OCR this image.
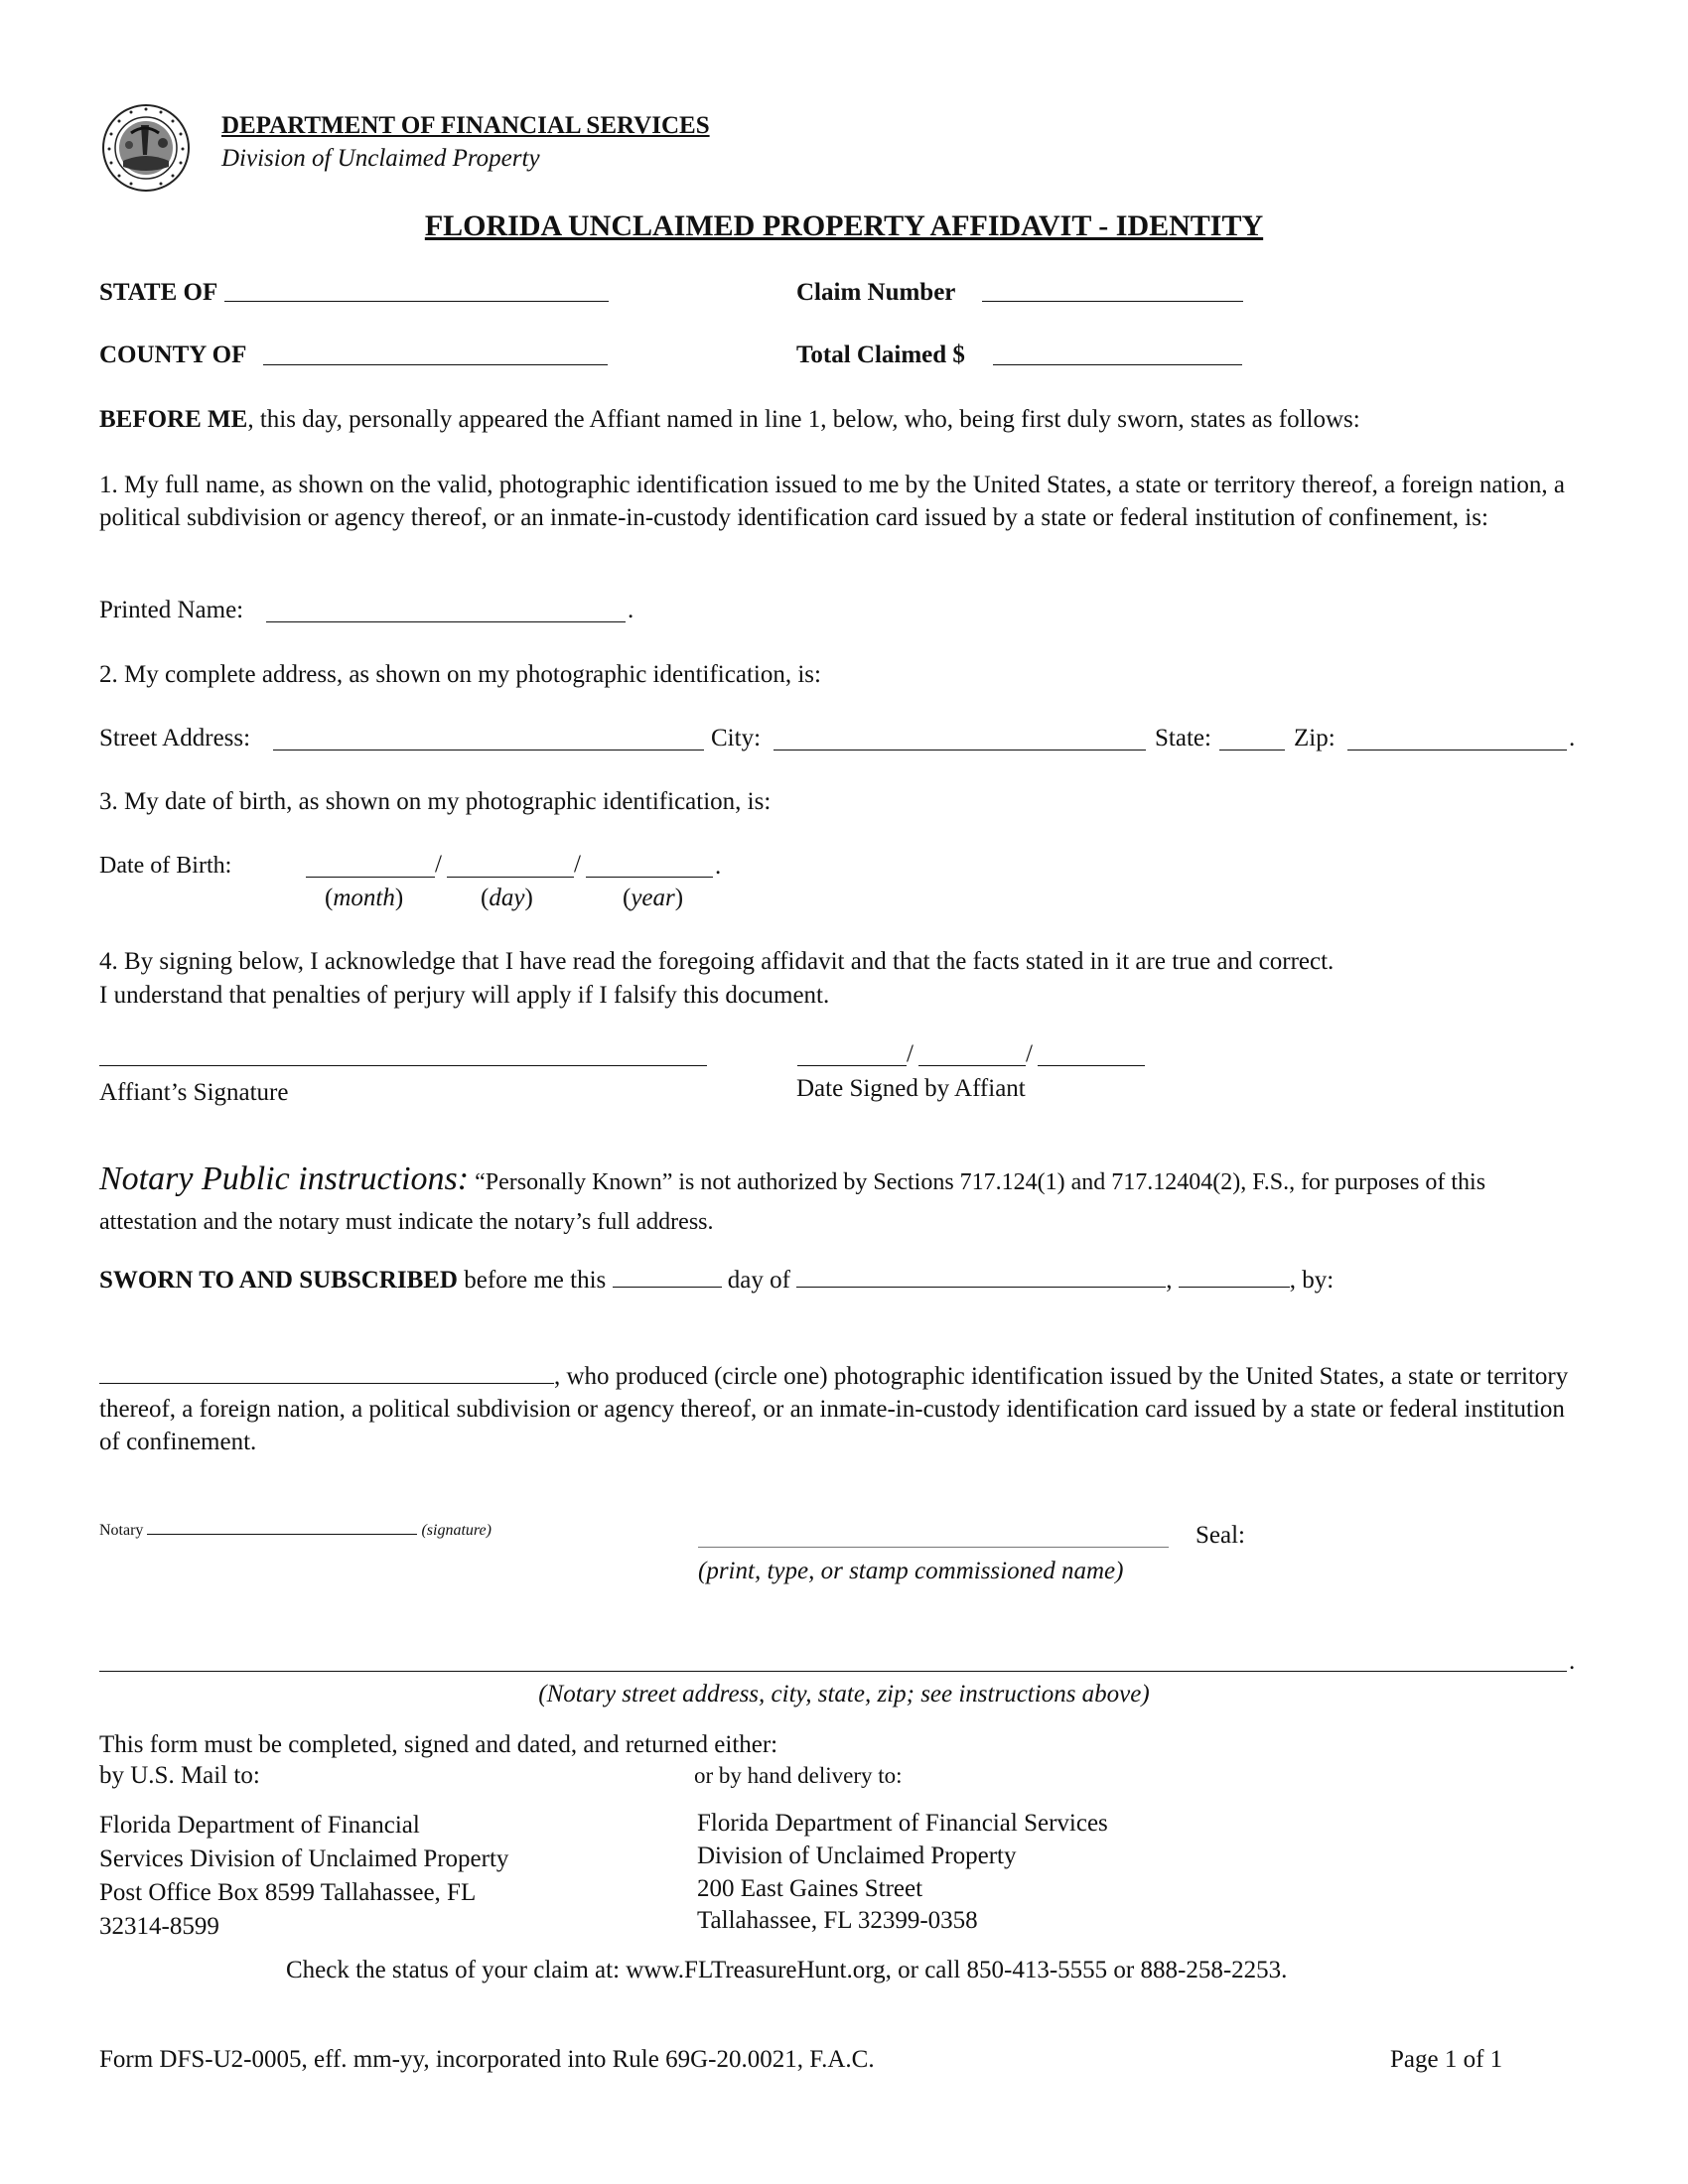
DEPARTMENT OF FINANCIAL SERVICES
Division of Unclaimed Property
FLORIDA UNCLAIMED PROPERTY AFFIDAVIT - IDENTITY
STATE OF	Claim Number
COUNTY OF	Total Claimed $
BEFORE ME, this day, personally appeared the Affiant named in line 1, below, who, being first duly sworn, states as follows:
1. My full name, as shown on the valid, photographic identification issued to me by the United States, a state or territory thereof, a foreign nation, a political subdivision or agency thereof, or an inmate-in-custody identification card issued by a state or federal institution of confinement, is:
Printed Name:	.
2. My complete address, as shown on my photographic identification, is:
Street Address:	City:	State:	Zip:	.
3. My date of birth, as shown on my photographic identification, is:
Date of Birth:	/	/	.
(month)	(day)	(year)
4. By signing below, I acknowledge that I have read the foregoing affidavit and that the facts stated in it are true and correct.
I understand that penalties of perjury will apply if I falsify this document.
Affiant’s Signature
/	/
Date Signed by Affiant
Notary Public instructions: “Personally Known” is not authorized by Sections 717.124(1) and 717.12404(2), F.S., for purposes of this attestation and the notary must indicate the notary’s full address.
SWORN TO AND SUBSCRIBED before me this	day of	,	, by:
, who produced (circle one) photographic identification issued by the United States, a state or territory thereof, a foreign nation, a political subdivision or agency thereof, or an inmate-in-custody identification card issued by a state or federal institution of confinement.
Notary	(signature)
(print, type, or stamp commissioned name)
Seal:
.
(Notary street address, city, state, zip; see instructions above)
This form must be completed, signed and dated, and returned either:
by U.S. Mail to:	or by hand delivery to:
Florida Department of Financial
Services Division of Unclaimed Property
Post Office Box 8599 Tallahassee, FL
32314-8599
Florida Department of Financial Services
Division of Unclaimed Property
200 East Gaines Street
Tallahassee, FL 32399-0358
Check the status of your claim at: www.FLTreasureHunt.org, or call 850-413-5555 or 888-258-2253.
Form DFS-U2-0005, eff. mm-yy, incorporated into Rule 69G-20.0021, F.A.C.	Page 1 of 1
